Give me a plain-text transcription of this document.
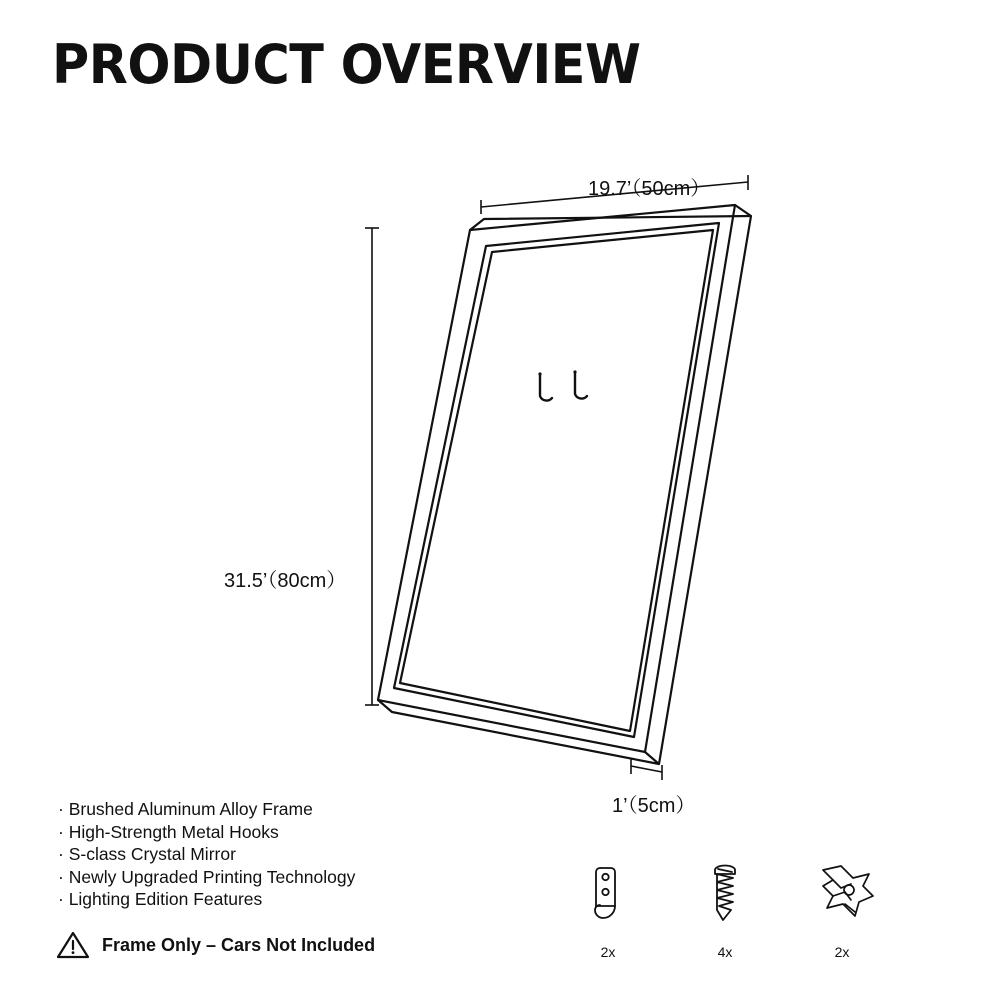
PRODUCT OVERVIEW
19.7’（50cm）
31.5’（80cm）
1’（5cm）
· Brushed Aluminum Alloy Frame
· High-Strength Metal Hooks
· S-class Crystal Mirror
· Newly Upgraded Printing Technology
· Lighting Edition Features
Frame Only – Cars Not Included	2x	4x	2x
